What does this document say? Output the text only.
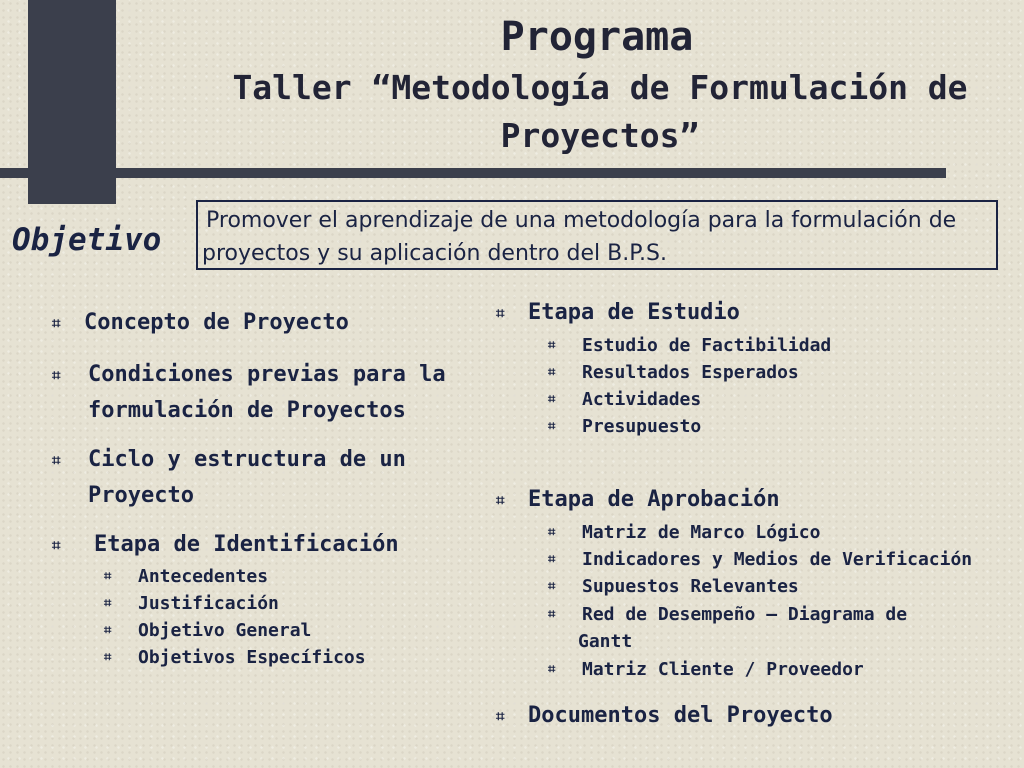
Programa
Taller “Metodología de Formulación de
Proyectos”
Objetivo
Promover el aprendizaje de una metodología para la formulación de proyectos y su aplicación dentro del B.P.S.
⌗ Concepto de Proyecto
⌗ Condiciones previas para la
formulación de Proyectos
⌗ Ciclo y estructura de un
Proyecto
⌗ Etapa de Identificación
⌗ Antecedentes
⌗ Justificación
⌗ Objetivo General
⌗ Objetivos Específicos
⌗ Etapa de Estudio
⌗ Estudio de Factibilidad
⌗ Resultados Esperados
⌗ Actividades
⌗ Presupuesto
⌗ Etapa de Aprobación
⌗ Matriz de Marco Lógico
⌗ Indicadores y Medios de Verificación
⌗ Supuestos Relevantes
⌗ Red de Desempeño – Diagrama de
Gantt
⌗ Matriz Cliente / Proveedor
⌗ Documentos del Proyecto
